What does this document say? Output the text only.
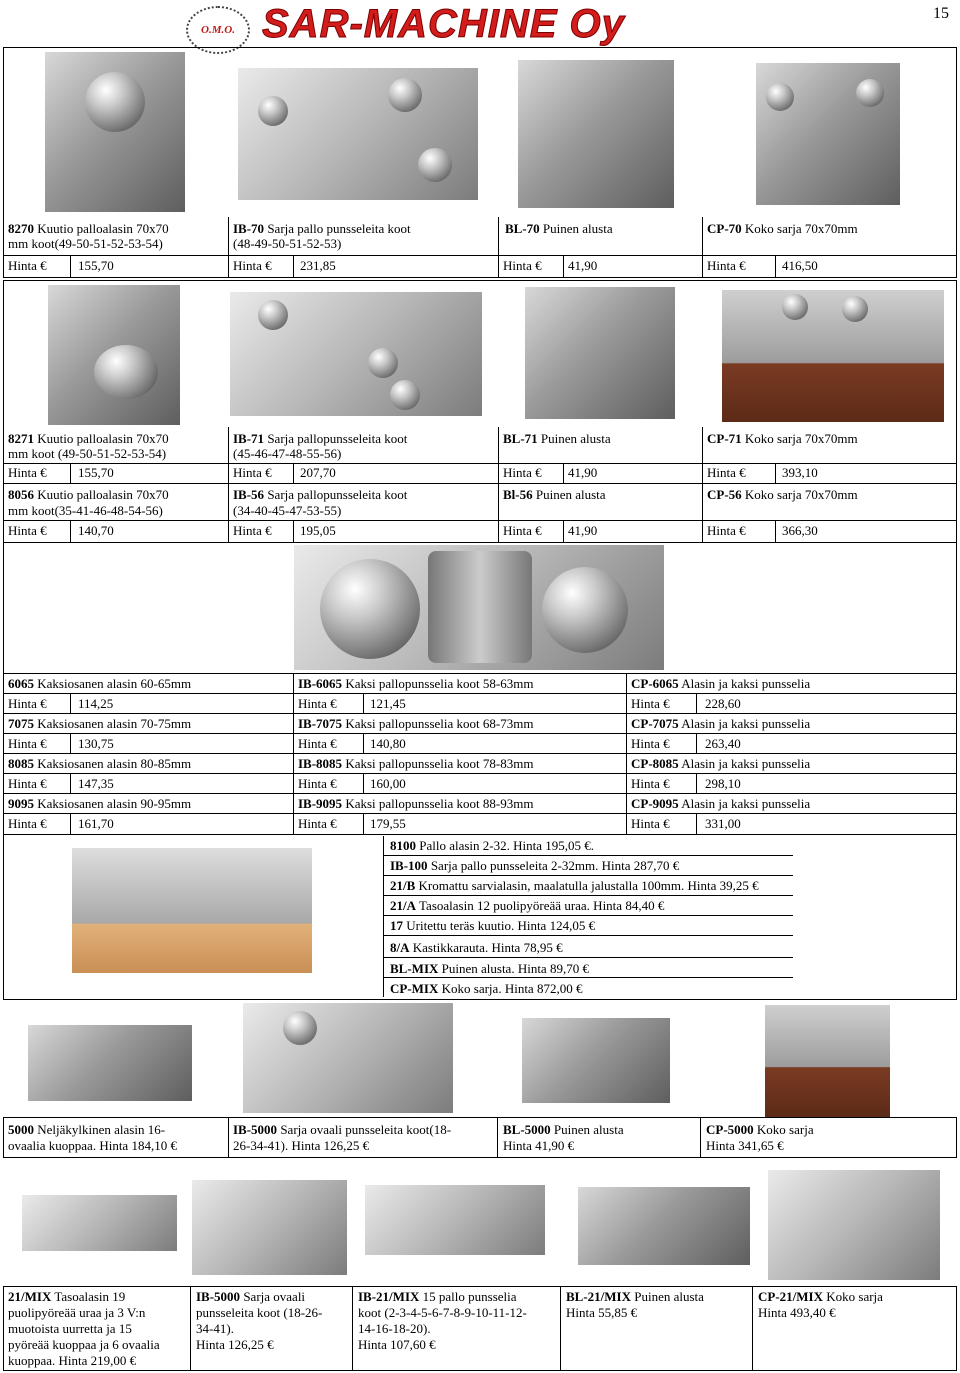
15
O.M.O. SAR-MACHINE Oy
8270 Kuutio palloalasin 70x70
mm koot(49-50-51-52-53-54)
IB-70 Sarja pallo punsseleita koot
(48-49-50-51-52-53)
BL-70 Puinen alusta	CP-70 Koko sarja 70x70mm
Hinta € 155,70	Hinta € 231,85	Hinta € 41,90	Hinta €	416,50
8271 Kuutio palloalasin 70x70
mm koot (49-50-51-52-53-54)
IB-71 Sarja pallopunsseleita koot
(45-46-47-48-55-56)
BL-71 Puinen alusta	CP-71 Koko sarja 70x70mm
Hinta € 155,70	Hinta € 207,70	Hinta € 41,90	Hinta €	393,10
8056 Kuutio palloalasin 70x70
mm koot(35-41-46-48-54-56)
IB-56 Sarja pallopunsseleita koot
(34-40-45-47-53-55)
Bl-56 Puinen alusta	CP-56 Koko sarja 70x70mm
Hinta € 140,70	Hinta € 195,05	Hinta € 41,90	Hinta €	366,30
6065 Kaksiosanen alasin 60-65mm	IB-6065 Kaksi pallopunsselia koot 58-63mm	CP-6065 Alasin ja kaksi punsselia
Hinta € 114,25	Hinta €	121,45	Hinta €	228,60
7075 Kaksiosanen alasin 70-75mm	IB-7075 Kaksi pallopunsselia koot 68-73mm	CP-7075 Alasin ja kaksi punsselia
Hinta € 130,75	Hinta €	140,80	Hinta €	263,40
8085 Kaksiosanen alasin 80-85mm	IB-8085 Kaksi pallopunsselia koot 78-83mm	CP-8085 Alasin ja kaksi punsselia
Hinta € 147,35	Hinta €	160,00	Hinta €	298,10
9095 Kaksiosanen alasin 90-95mm	IB-9095 Kaksi pallopunsselia koot 88-93mm	CP-9095 Alasin ja kaksi punsselia
Hinta € 161,70	Hinta €	179,55	Hinta €	331,00
8100 Pallo alasin 2-32. Hinta 195,05 €.
IB-100 Sarja pallo punsseleita 2-32mm. Hinta 287,70 €
21/B Kromattu sarvialasin, maalatulla jalustalla 100mm. Hinta 39,25 €
21/A Tasoalasin 12 puolipyöreää uraa. Hinta 84,40 €
17 Uritettu teräs kuutio. Hinta 124,05 €
8/A Kastikkarauta. Hinta 78,95 €
BL-MIX Puinen alusta. Hinta 89,70 €
CP-MIX Koko sarja. Hinta 872,00 €
5000 Neljäkylkinen alasin 16-
ovaalia kuoppaa. Hinta 184,10 €
IB-5000 Sarja ovaali punsseleita koot(18-
26-34-41). Hinta 126,25 €
BL-5000 Puinen alusta
Hinta 41,90 €
CP-5000 Koko sarja
Hinta 341,65 €
21/MIX Tasoalasin 19
puolipyöreää uraa ja 3 V:n
muotoista uurretta ja 15
pyöreää kuoppaa ja 6 ovaalia
kuoppaa. Hinta 219,00 €
IB-5000 Sarja ovaali
punsseleita koot (18-26-
34-41).
Hinta 126,25 €
IB-21/MIX 15 pallo punsselia
koot (2-3-4-5-6-7-8-9-10-11-12-
14-16-18-20).
Hinta 107,60 €
BL-21/MIX Puinen alusta
Hinta 55,85 €
CP-21/MIX Koko sarja
Hinta 493,40 €
